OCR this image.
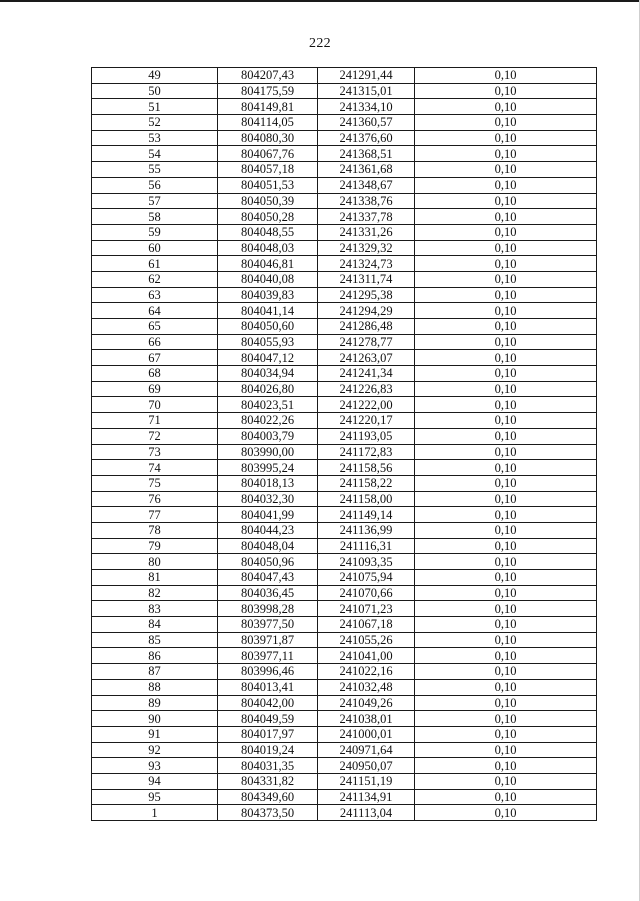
222
49	804207,43	241291,44	0,10
50	804175,59	241315,01	0,10
51	804149,81	241334,10	0,10
52	804114,05	241360,57	0,10
53	804080,30	241376,60	0,10
54	804067,76	241368,51	0,10
55	804057,18	241361,68	0,10
56	804051,53	241348,67	0,10
57	804050,39	241338,76	0,10
58	804050,28	241337,78	0,10
59	804048,55	241331,26	0,10
60	804048,03	241329,32	0,10
61	804046,81	241324,73	0,10
62	804040,08	241311,74	0,10
63	804039,83	241295,38	0,10
64	804041,14	241294,29	0,10
65	804050,60	241286,48	0,10
66	804055,93	241278,77	0,10
67	804047,12	241263,07	0,10
68	804034,94	241241,34	0,10
69	804026,80	241226,83	0,10
70	804023,51	241222,00	0,10
71	804022,26	241220,17	0,10
72	804003,79	241193,05	0,10
73	803990,00	241172,83	0,10
74	803995,24	241158,56	0,10
75	804018,13	241158,22	0,10
76	804032,30	241158,00	0,10
77	804041,99	241149,14	0,10
78	804044,23	241136,99	0,10
79	804048,04	241116,31	0,10
80	804050,96	241093,35	0,10
81	804047,43	241075,94	0,10
82	804036,45	241070,66	0,10
83	803998,28	241071,23	0,10
84	803977,50	241067,18	0,10
85	803971,87	241055,26	0,10
86	803977,11	241041,00	0,10
87	803996,46	241022,16	0,10
88	804013,41	241032,48	0,10
89	804042,00	241049,26	0,10
90	804049,59	241038,01	0,10
91	804017,97	241000,01	0,10
92	804019,24	240971,64	0,10
93	804031,35	240950,07	0,10
94	804331,82	241151,19	0,10
95	804349,60	241134,91	0,10
1	804373,50	241113,04	0,10
